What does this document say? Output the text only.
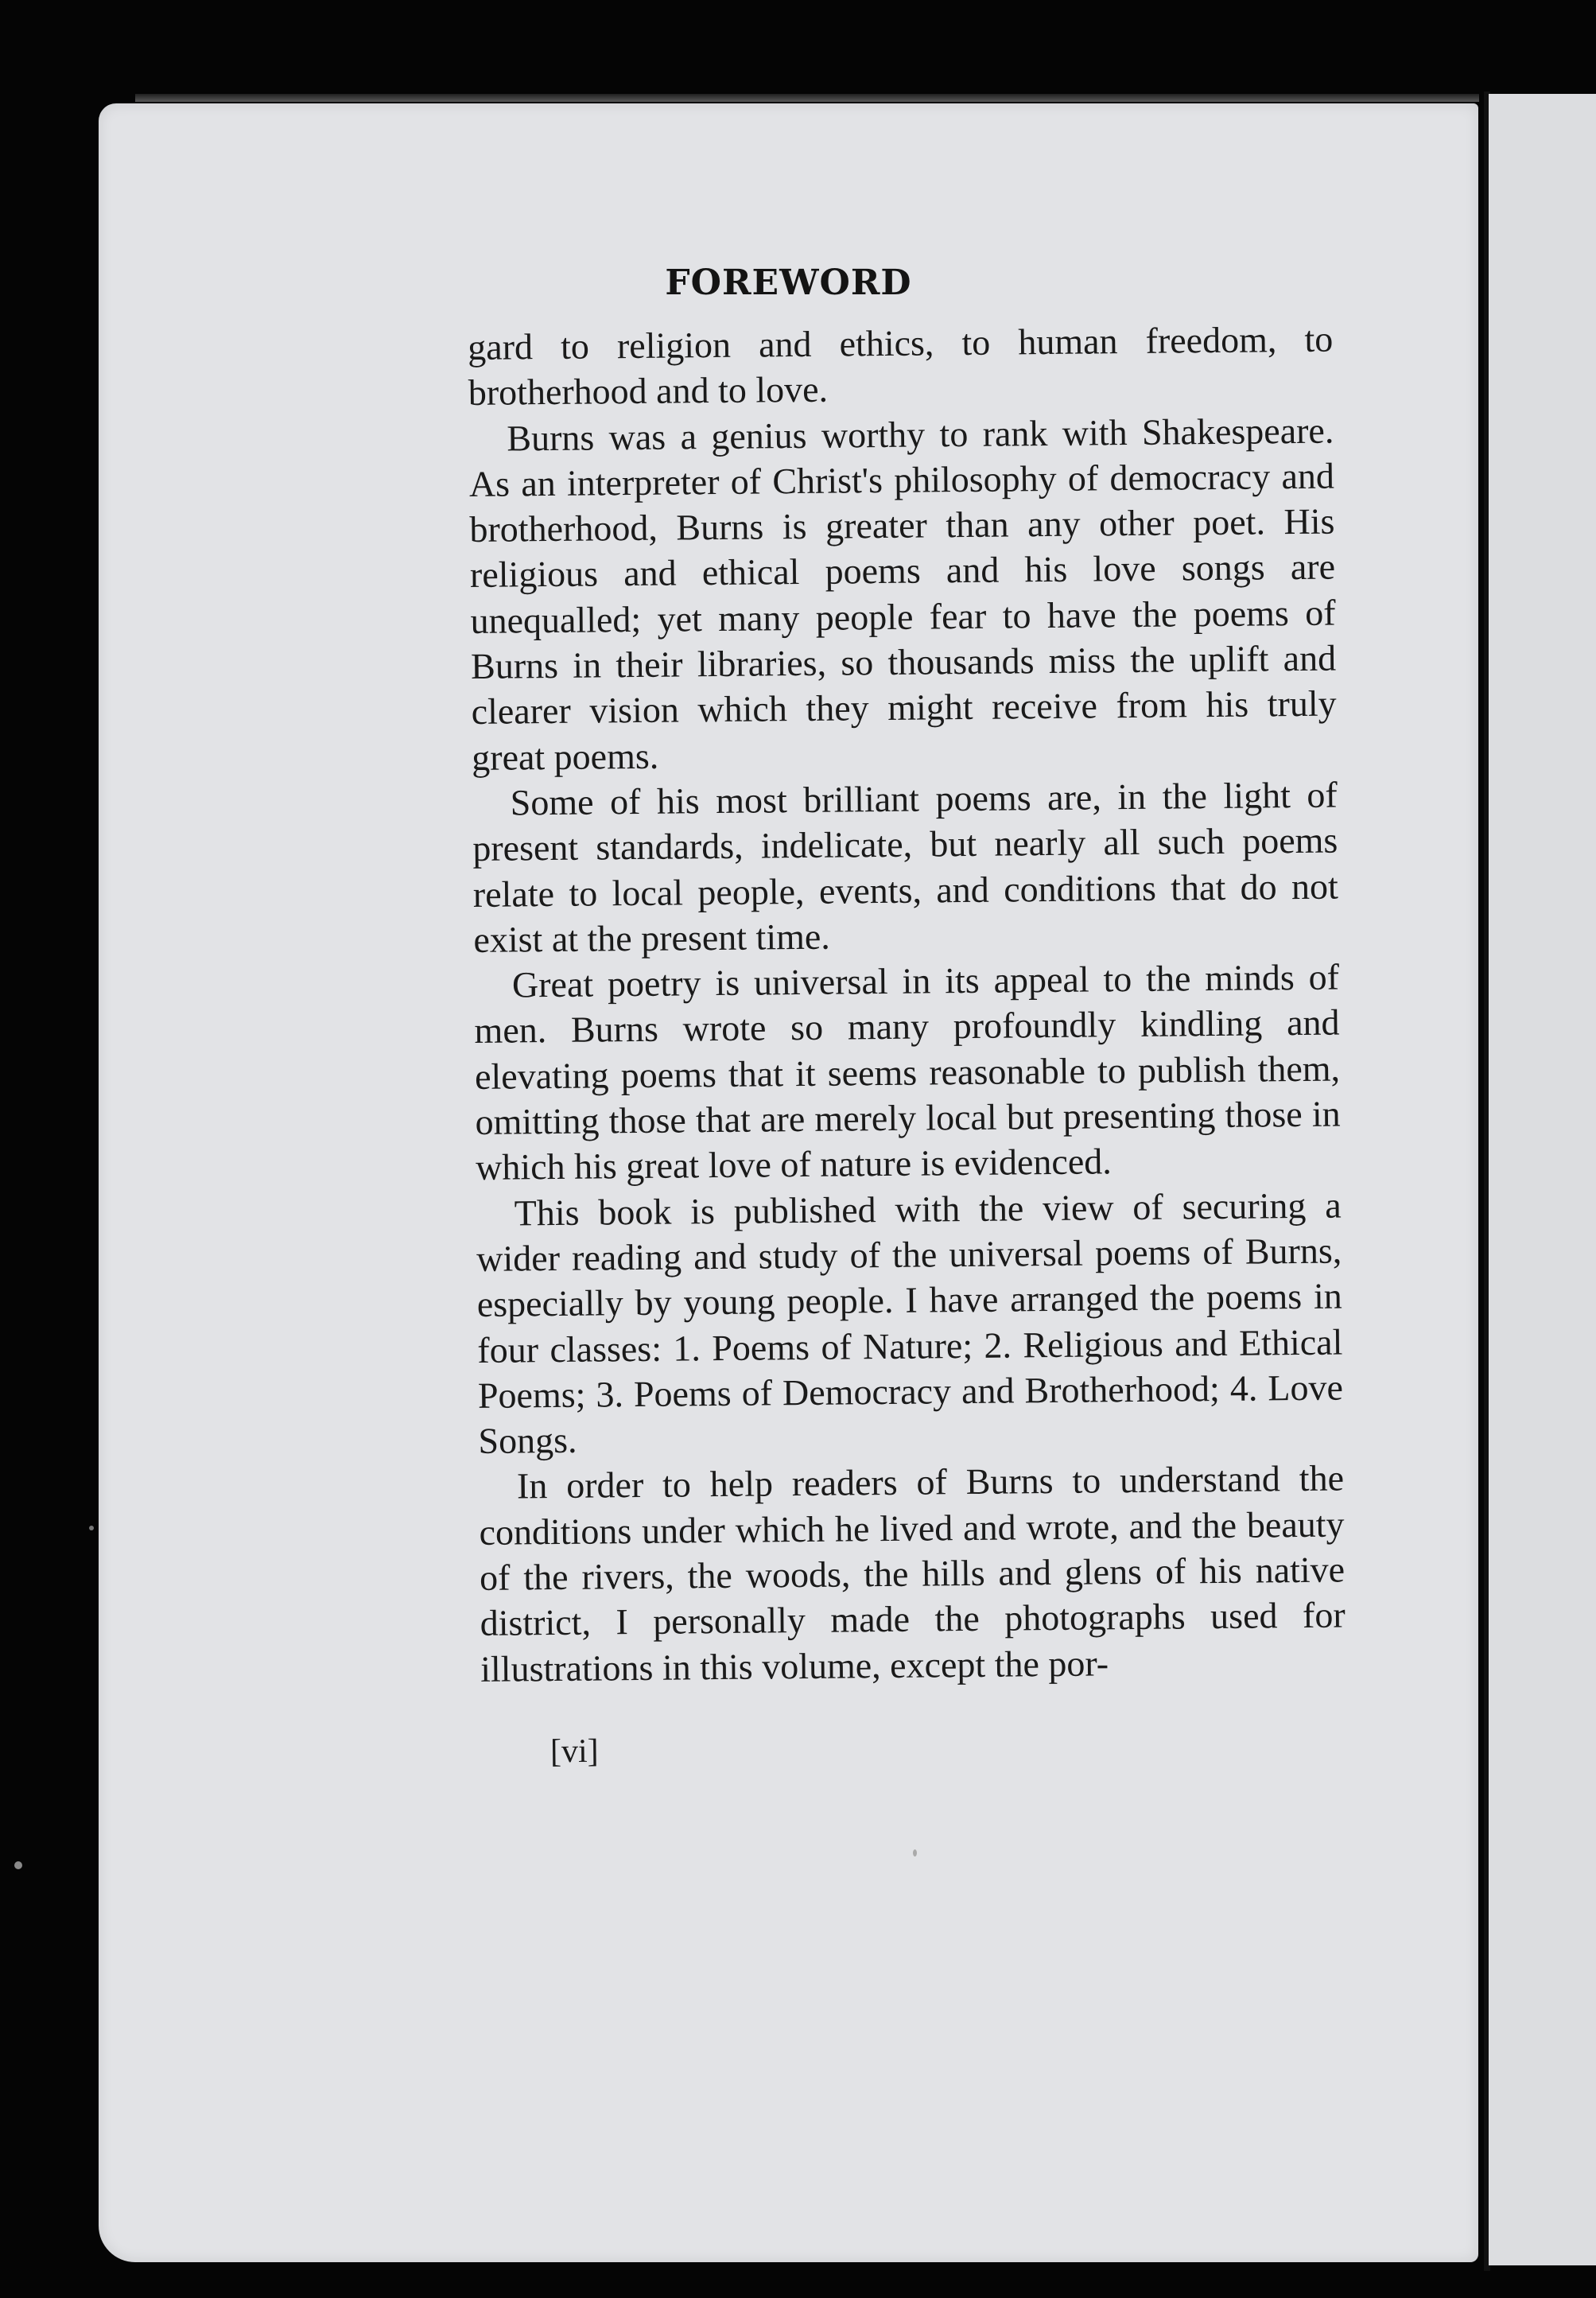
FOREWORD

gard to religion and ethics, to human freedom, to brotherhood and to love.

Burns was a genius worthy to rank with Shakespeare. As an interpreter of Christ's philosophy of democracy and brotherhood, Burns is greater than any other poet. His religious and ethical poems and his love songs are unequalled; yet many people fear to have the poems of Burns in their libraries, so thousands miss the uplift and clearer vision which they might receive from his truly great poems.

Some of his most brilliant poems are, in the light of present standards, indelicate, but nearly all such poems relate to local people, events, and conditions that do not exist at the present time.

Great poetry is universal in its appeal to the minds of men. Burns wrote so many profoundly kindling and elevating poems that it seems reasonable to publish them, omitting those that are merely local but presenting those in which his great love of nature is evidenced.

This book is published with the view of securing a wider reading and study of the universal poems of Burns, especially by young people. I have arranged the poems in four classes: 1. Poems of Nature; 2. Religious and Ethical Poems; 3. Poems of Democracy and Brotherhood; 4. Love Songs.

In order to help readers of Burns to understand the conditions under which he lived and wrote, and the beauty of the rivers, the woods, the hills and glens of his native district, I personally made the photographs used for illustrations in this volume, except the por-

[vi]
